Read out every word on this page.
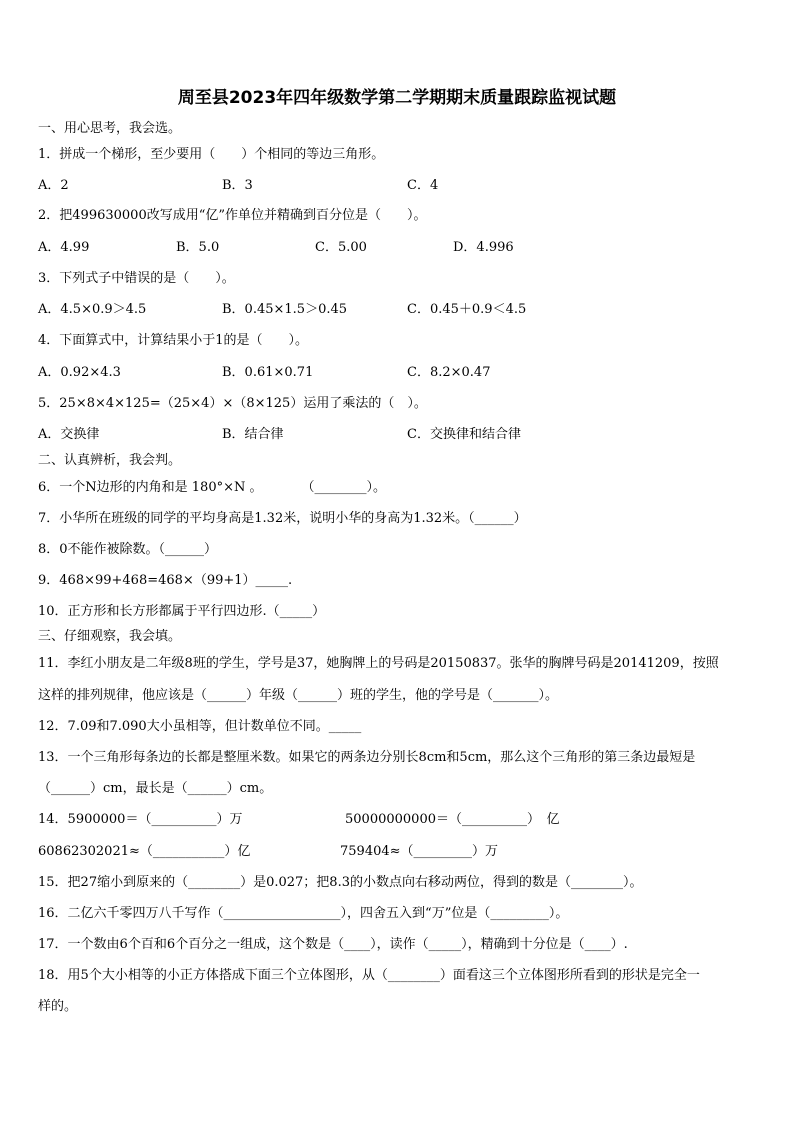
周至县2023年四年级数学第二学期期末质量跟踪监视试题
一、用心思考，我会选。
1．拼成一个梯形，至少要用（　　）个相同的等边三角形。
A．2	B．3	C．4
2．把499630000改写成用“亿”作单位并精确到百分位是（　　）。
A．4.99	B．5.0	C．5.00	D．4.996
3．下列式子中错误的是（　　）。
A．4.5×0.9＞4.5	B．0.45×1.5＞0.45	C．0.45＋0.9＜4.5
4．下面算式中，计算结果小于1的是（　　）。
A．0.92×4.3	B．0.61×0.71	C．8.2×0.47
5．25×8×4×125=（25×4）×（8×125）运用了乘法的（　）。
A．交换律	B．结合律	C．交换律和结合律
二、认真辨析，我会判。
6．一个N边形的内角和是 180°×N 。　　　　（________）。
7．小华所在班级的同学的平均身高是1.32米，说明小华的身高为1.32米。（______）
8．0不能作被除数。（______）
9．468×99+468=468×（99+1）_____.
10．正方形和长方形都属于平行四边形.（_____）
三、仔细观察，我会填。
11．李红小朋友是二年级8班的学生，学号是37，她胸牌上的号码是20150837。张华的胸牌号码是20141209，按照
这样的排列规律，他应该是（______）年级（______）班的学生，他的学号是（_______）。
12．7.09和7.090大小虽相等，但计数单位不同。_____
13．一个三角形每条边的长都是整厘米数。如果它的两条边分别长8cm和5cm，那么这个三角形的第三条边最短是
（______）cm，最长是（______）cm。
14．5900000＝（__________）万	50000000000＝（__________）　亿
60862302021≈（___________）亿	759404≈（_________）万
15．把27缩小到原来的（________）是0.027；把8.3的小数点向右移动两位，得到的数是（________）。
16．二亿六千零四万八千写作（__________________），四舍五入到“万”位是（_________）。
17．一个数由6个百和6个百分之一组成，这个数是（____），读作（_____），精确到十分位是（____）.
18．用5个大小相等的小正方体搭成下面三个立体图形，从（________）面看这三个立体图形所看到的形状是完全一
样的。
